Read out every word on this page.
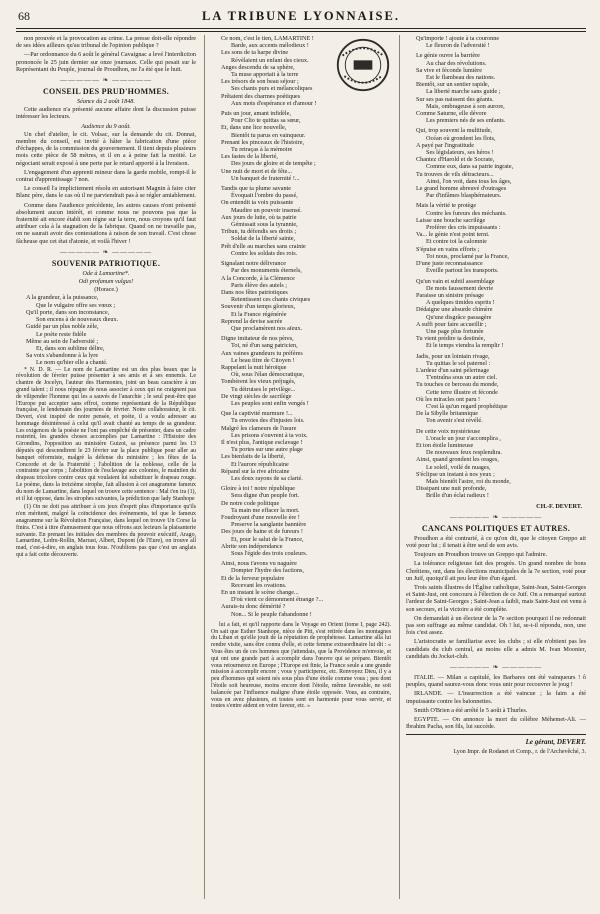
68	LA TRIBUNE LYONNAISE.

non prouvée et la provocation au crime. La presse doit-elle répondre de ses idées ailleurs qu'au tribunal de l'opinion publique ?

—Par ordonnance du 6 août le général Cavaignac a levé l'interdiction prononcée le 25 juin dernier sur onze journaux. Celle qui pesait sur le Représentant du Peuple, journal de Proudhon, ne l'a été que le huit.

————— ❧ —————
CONSEIL DES PRUD'HOMMES.
Séance du 2 août 1848.

Cette audience n'a présenté aucune affaire dont la discussion puisse intéresser les lecteurs.

Audience du 9 août.

Un chef d'atelier, le cit. Volsac, sur la demande du cit. Donnat, membre du conseil, est invité à hâter la fabrication d'une pièce d'échappes, de la commission du gouvernement. Il tient depuis plusieurs mois cette pièce de 58 mètres, et il en a à peine fait la moitié. Le négociant serait exposé à une perte par le retard apporté à la livraison.

L'engagement d'un apprenti mineur dans la garde mobile, rompt-il le contrat d'apprentissage ? non.

Le conseil l'a implicitement résolu en autorisant Magnin à faire citer Blanc père, dans le cas où il ne parviendrait pas à se régler amiablement.

Comme dans l'audience précédente, les autres causes n'ont présenté absolument aucun intérêt, et comme nous ne pouvons pas que la fraternité ait encore établi son règne sur la terre, nous croyons qu'il faut attribuer cela à la stagnation de la fabrique. Quand on ne travaille pas, on ne saurait avoir des contestations à raison de son travail. C'est chose fâcheuse que cet état d'atonie, et voilà l'hiver !

————— ❧ —————
SOUVENIR PATRIOTIQUE.
Ode à Lamartine*.
Odi profanum vulgus!
(Horace.)

A la grandeur, à la puissance,

Que le vulgaire offre ses vœux ;

Qu'il porte, dans son inconstance,

Son encens à de nouveaux dieux.

Guidé par un plus noble zèle,

Le poète reste fidèle

Même au sein de l'adversité ;

Et, dans son sublime délire,

Sa voix s'abandonne à la lyre

Le nom qu'hier elle a chanté.

* N. D. R. — Le nom de Lamartine est un des plus beaux que la révolution de février puisse présenter à ses amis et à ses ennemis. Le chantre de Jocelyn, l'auteur des Harmonies, joint un beau caractère à un grand talent ; il nous répugne de nous associer à ceux qui ne craignent pas de vilipender l'homme qui les a sauvés de l'anarchie ; le seul peut-être que l'Europe put accepter sans effroi, comme représentant de la République française, le lendemain des journées de février. Notre collaborateur, le cit. Devert, s'est inspiré de notre pensée, et poète, il a voulu adresser au hommage désintéressé à celui qu'il avait chanté au temps de sa grandeur. Les exigences de la poésie ne l'ont pas empêché de présenter, dans un cadre restreint, les grandes choses accomplies par Lamartine : l'Histoire des Girondins, l'opposition au ministère Guizot, sa présence parmi les 13 députés qui descendirent le 23 février sur la place publique pour aller au banquet réformiste, malgré la défense du ministère ; les fêtes de la Concorde et de la Fraternité ; l'abolition de la noblesse, celle de la contrainte par corps ; l'abolition de l'esclavage aux colonies, le maintien du drapeau tricolore contre ceux qui voulaient lui substituer le drapeau rouge. Le poème, dans la treizième strophe, fait allusion à cet anagramme fameux du nom de Lamartine, dans lequel on trouve cette sentence : Mal t'en ira (1), et il lui oppose, dans les strophes suivantes, la prédiction que lady Stanhope

(1) On ne doit pas attribuer à ces jeux d'esprit plus d'importance qu'ils n'en méritent, malgré la coïncidence des événements, tel que le fameux anagramme sur la Révolution Française, dans lequel on trouve Un Corse la finira. C'est à titre d'amusement que nous offrons aux lecteurs la plaisanterie suivante. En prenant les initiales des membres du pouvoir exécutif, Arago, Lamartine, Ledru-Rollin, Marrast, Albert, Dupont (de l'Eure), on trouve all mad, c'est-à-dire, en anglais tous fous. N'oublions pas que c'est un anglais qui a fait cette découverte.

Ce nom, c'est le tien, LAMARTINE !

Barde, aux accents mélodieux !

Les sons de ta harpe divine

Révèlaient un enfant des cieux.

Anges descendu de sa sphère,

Ta muse apportait à la terre

Les trésors de son beau séjour ;

Ses chants purs et mélancoliques

Prêtaient des charmes poétiques

Aux mots d'espérance et d'amour !

Puis un jour, amant infidèle,

Pour Clio te quittas sa sœur,

Et, dans une lice nouvelle,

Bientôt tu parus en vainqueur.

Prenant les pinceaux de l'histoire,

Tu retraças à la mémoire

Les fastes de la liberté,

Des jours de gloire et de tempête ;

Une nuit de mort et de fête...

Un banquet de fraternité !...

Tandis que ta plume savante

Évoquait l'ombre du passé,

On entendit ta voix puissante

Maudire un pouvoir insensé.

Aux jours de lutte, où ta patrie

Gémissait sous la tyrannie,

Tribun, tu défendis ses droits ;

Soldat de la liberté sainte,

Prêt d'elle au marches sans crainte

Contre les soldats des rois.

Signalant notre délivrance

Par des monuments éternels,

A la Concorde, à la Clémence

Paris élève des autels ;

Dans nos fêtes patriotiques

Retentissent ces chants civiques

Souvenir d'un temps glorieux,

Et la France régénérée

Reprend la devise sacrée

Que proclamèrent nos aïeux.

Digne imitateur de nos pères,

Toi, né d'un sang patricien,

Aux vaines grandeurs tu préfères

Le beau titre de Citoyen !

Rappelant la nuit héroïque

Où, sous l'élan démocratique,

Tombèrent les vieux préjugés,

Tu détruises le privilège...

De vingt siècles de sacrilège

Les peuples sont enfin vengés !

Que la captivité murmure !...

Tu envoies des d'injustes lois.

Malgré les clameurs de l'usure

Les prisons s'ouvrent à ta voix.

Il n'est plus, l'antique esclavage !

Tu portes sur une autre plage

Les bienfaits de la liberté,

Et l'aurore républicaine

Répand sur la rive africaine

Les doux rayons de sa clarté.

Gloire à toi ! notre république

Sera digne d'un peuple fort.

De notre code politique

Ta main me effacer la mort.

Foudroyant d'une nouvelle ère !

Preserve la sanglante bannière

Des jours de haine et de fureurs !

Et, pour le salut de la France,

Abrite son indépendance

Sous l'égide des trois couleurs.

Ainsi, nous t'avons vu naguère

Dompter l'hydre des factions,

Et de la ferveur populaire

Recevant les ovations.

En un instant le scène change...

D'où vient ce démonment étrange ?...

Aurais-tu donc démérité ?

Non... Si le peuple t'abandonne !

lui a fait, et qu'il rapporte dans le Voyage en Orient (tome I, page 242). On sait que Esther Stanhope, nièce de Pitt, s'est retirée dans les montagnes du Liban et qu'elle jouit de la réputation de prophétesse. Lamartine alla lui rendre visite, sans être connu d'elle, et cette femme extraordinaire lui dit : « Vous êtes un de ces hommes que j'attendais, que la Providence m'envoie, et qui ont une grande part à accomplir dans l'œuvre qui se prépare. Bientôt vous retournerez en Europe ; l'Europe est finie, la France seule a une grande mission à accomplir encore ; vous y participerez, etc. Renvoyez Dieu, il y a peu d'hommes qui soient nés sous plus d'une étoile comme vous ; peu dont l'étoile soit heureuse, moins encore dont l'étoile, même favorable, ne soit balancée par l'influence maligne d'une étoile opposée. Vous, au contraire, vous en avez plusieurs, et toutes sont en harmonie pour vous servir, et toutes s'entre aident en votre faveur, etc. »

Qu'importe ! ajoute à ta couronne

Le fleuron de l'adversité !

Le génie ouvre la barrière

Au char des révolutions.

Sa vive et féconde lumière

Est le flambeau des nations.

Bientôt, sur un sentier rapide,

La liberté marche sans guide ;

Sur ses pas naissent des géants.

Mais, ombrageuse à son aurore,

Comme Saturne, elle dévore

Les premiers nés de ses enfants.

Qui, trop souvent la multitude,

Océan où grondent les flots,

A payé par l'ingratitude

Ses législateurs, ses héros !

Chantez d'Harold et de Socrate,

Comme eux, dans sa patrie ingrate,

Tu trouves de vils détracteurs...

Ainsi, l'on voit, dans tous les âges,

Le grand homme abreuvé d'outrages

Par d'infâmes blasphémateurs.

Mais la vérité te protège

Contre les fureurs des méchants.

Laisse une bouche sacrilège

Proférer des cris impuissants :

Va... le génie n'est point terni.

Et contre toi la calomnie

S'épuise en vains efforts ;

Toi nous, proclamé par la France,

D'une juste reconnaissance

Éveille partout les transports.

Qu'un vain et subtil assemblage

De mots faussement devrie

Paraisse un sinistre présage

A quelques timides esprits !

Dédaigne une absurde chimère

Qu'une disgrâce passagère

A suffi pour faire accueillir ;

Une page plus fortunée

Tu vient prédire ta destinée,

Et le temps viendra la remplir !

Jadis, pour un lointain rivage,

Tu quittas le sol paternel :

L'ardeur d'un saint pèlerinage

T'entraîna sous un autre ciel.

Tu touches ce berceau du monde,

Cette terre illustre et féconde

Où les miracles ont paru !

C'est là qu'un regard prophétique

De la Sibylle britannique

Ton avenir s'est révélé.

De cette voix mystérieuse

L'oracle un jour s'accomplira ,

Et ton étoile lumineuse

De nouveaux feux resplendira.

Ainsi, quand grondent les orages,

Le soleil, voilé de nuages,

S'éclipse un instant à nos yeux ;

Mais bientôt l'astre, roi du monde,

Dissipant une nuit profonde,

Brille d'un éclat radieux !

CH.-F. DEVERT.
————— ❧ —————
CANCANS POLITIQUES ET AUTRES.

Proudhon a été contrarié, à ce qu'on dit, que le citoyen Greppo ait voté pour lui ; il tenait à être seul de son avis.

Toujours un Proudhon trouve un Greppo qui l'admire.

La tolérance religieuse fait des progrès. Un grand nombre de bons Chrétiens, ont, dans les élections municipales de la 7e section, voté pour un Juif, quoiqu'il ait peu leur être d'un égard.

Trois saints illustres de l'Église catholique, Saint-Jean, Saint-Georges et Saint-Just, ont concouru à l'élection de ce Juif. On a remarqué surtout l'ardeur de Saint-Georges ; Saint-Jean a faibli, mais Saint-Just est venu à son secours, et la victoire a été complète.

On demandait à un électeur de la 7e section pourquoi il ne redonnait pas son suffrage au même candidat. Oh ! lui, se-t-il répondu, non, une fois c'est assez.

L'aristocratie se familiarise avec les clubs ; si elle n'obtient pas les candidats du club central, au moins elle a admis M. Ivan Moonier, candidats du Jockei-club.

————— ❧ —————

ITALIE. — Milan a capitulé, les Barbares ont été vainqueurs ! ô peuples, quand saurez-vous donc vous unir pour recouvrer le joug !

IRLANDE. — L'insurrection a été vaincue ; la faim a été impuissante contre les baïonnettes.

Smith O'Brien a été arrêté le 5 août à Thurles.

EGYPTE. — On annonce la mort du célèbre Méhemet-Ali. — Ibrahim Pacha, son fils, lui succède.

Le gérant, DEVERT.
Lyon Impr. de Rodanet et Comp., r. de l'Archevêché, 3.
